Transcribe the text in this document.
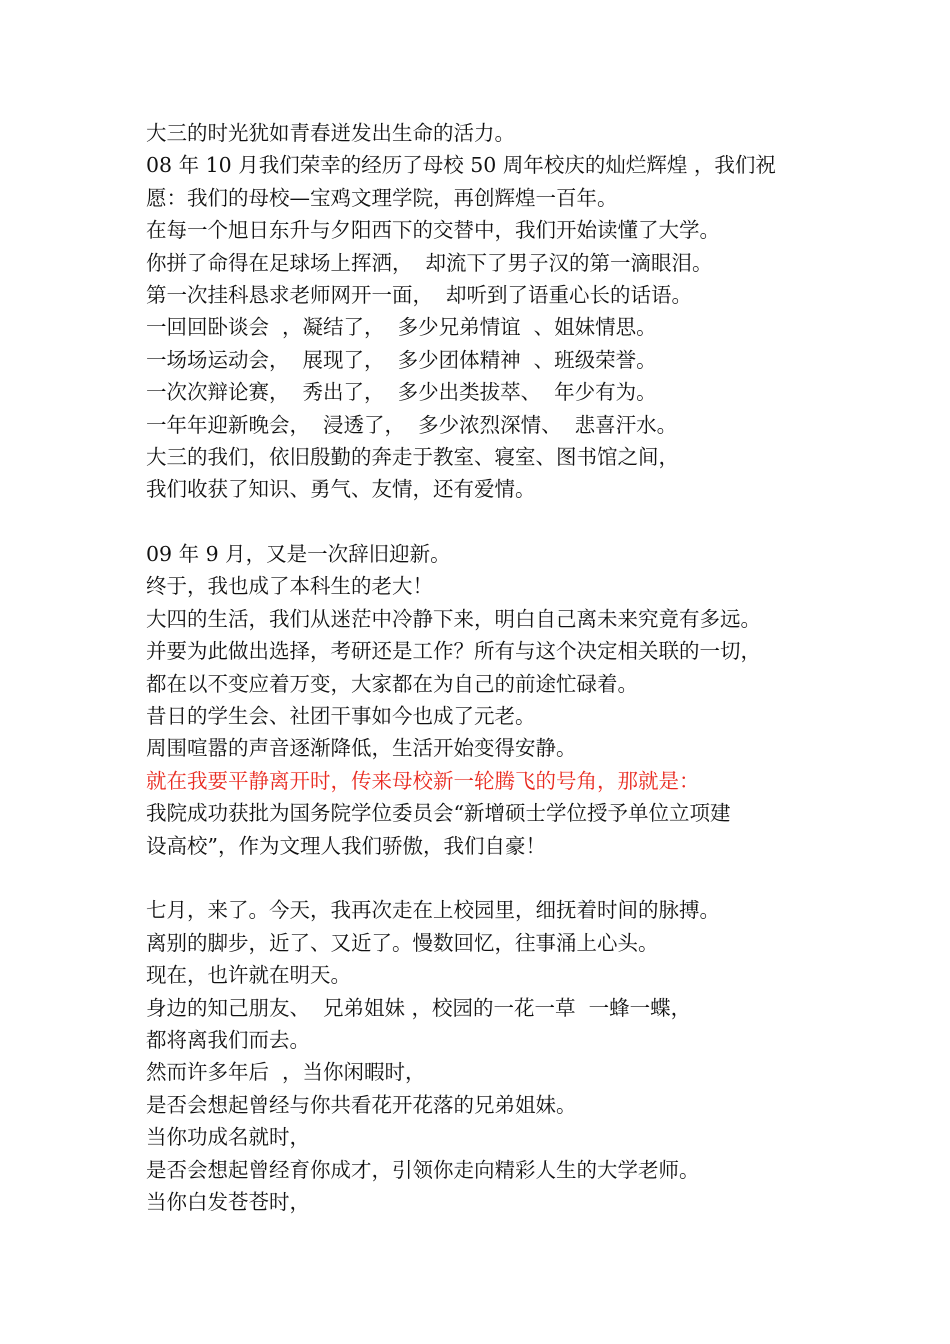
大三的时光犹如青春迸发出生命的活力。
08 年 10 月我们荣幸的经历了母校 50 周年校庆的灿烂辉煌 ，我们祝
愿：我们的母校—宝鸡文理学院，再创辉煌一百年。
在每一个旭日东升与夕阳西下的交替中，我们开始读懂了大学。
你拼了命得在足球场上挥洒，  却流下了男子汉的第一滴眼泪。
第一次挂科恳求老师网开一面，  却听到了语重心长的话语。
一回回卧谈会  ，凝结了，  多少兄弟情谊  、姐妹情思。
一场场运动会，  展现了，  多少团体精神  、班级荣誉。
一次次辩论赛，  秀出了，  多少出类拔萃、  年少有为。
一年年迎新晚会，  浸透了，  多少浓烈深情、  悲喜汗水。
大三的我们，依旧殷勤的奔走于教室、寝室、图书馆之间，
我们收获了知识、勇气、友情，还有爱情。
09 年 9 月，又是一次辞旧迎新。
终于，我也成了本科生的老大！
大四的生活，我们从迷茫中冷静下来，明白自己离未来究竟有多远。
并要为此做出选择，考研还是工作？所有与这个决定相关联的一切，
都在以不变应着万变，大家都在为自己的前途忙碌着。
昔日的学生会、社团干事如今也成了元老。
周围喧嚣的声音逐渐降低，生活开始变得安静。
就在我要平静离开时，传来母校新一轮腾飞的号角，那就是：
我院成功获批为国务院学位委员会“新增硕士学位授予单位立项建
设高校”，作为文理人我们骄傲，我们自豪！
七月，来了。今天，我再次走在上校园里，细抚着时间的脉搏。
离别的脚步，近了、又近了。慢数回忆，往事涌上心头。
现在，也许就在明天。
身边的知己朋友、  兄弟姐妹 ，校园的一花一草  一蜂一蝶，
都将离我们而去。
然而许多年后  ，当你闲暇时，
是否会想起曾经与你共看花开花落的兄弟姐妹。
当你功成名就时，
是否会想起曾经育你成才，引领你走向精彩人生的大学老师。
当你白发苍苍时，
